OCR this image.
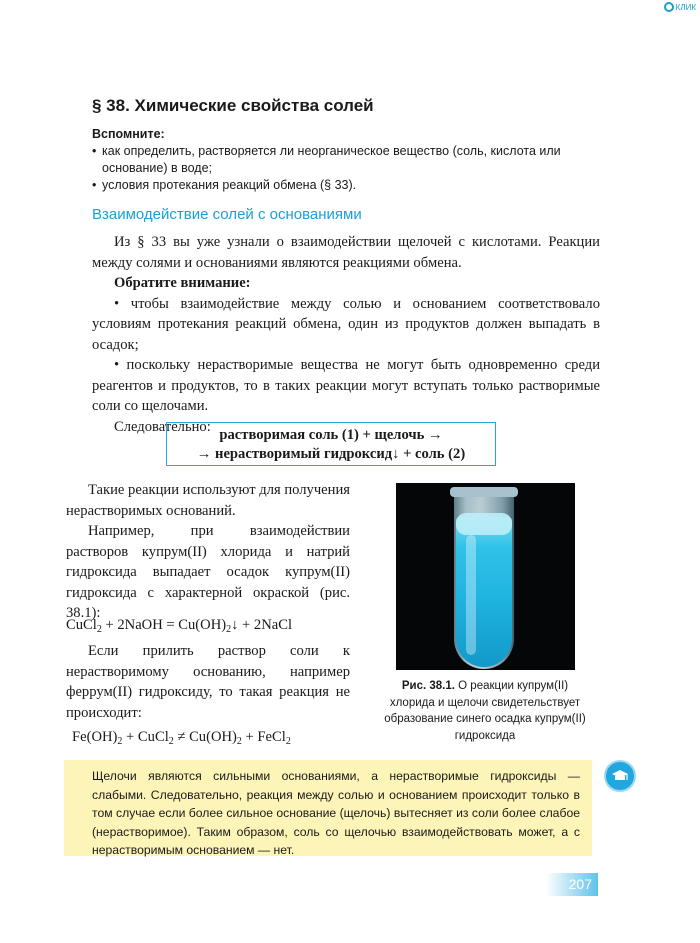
КЛИК
§ 38. Химические свойства солей
Вспомните:
• как определить, растворяется ли неорганическое вещество (соль, кислота или основание) в воде;
• условия протекания реакций обмена (§ 33).
Взаимодействие солей с основаниями
Из § 33 вы уже узнали о взаимодействии щелочей с кислотами. Реакции между солями и основаниями являются реакциями обмена.
Обратите внимание:
• чтобы взаимодействие между солью и основанием соответствовало условиям протекания реакций обмена, один из продуктов должен выпадать в осадок;
• поскольку нерастворимые вещества не могут быть одновременно среди реагентов и продуктов, то в таких реакции могут вступать только растворимые соли со щелочами.
Следовательно:
растворимая соль (1) + щелочь →
→ нерастворимый гидроксид↓ + соль (2)
Такие реакции используют для получения нерастворимых оснований.
Например, при взаимодействии растворов купрум(II) хлорида и натрий гидроксида выпадает осадок купрум(II) гидроксида с характерной окраской (рис. 38.1):
CuCl$_2$ + 2NaOH = $Cu(OH)_2↓$ + 2NaCl
Если прилить раствор соли к нерастворимому основанию, например феррум(II) гидроксиду, то такая реакция не происходит:
$Fe(OH)_2$ + CuCl$_2$ ≠ $Cu(OH)_2$ + FeCl$_2$
Рис. 38.1. О реакции купрум(II) хлорида и щелочи свидетельствует образование синего осадка купрум(II) гидроксида
Щелочи являются сильными основаниями, а нерастворимые гидроксиды — слабыми. Следовательно, реакция между солью и основанием происходит только в том случае если более сильное основание (щелочь) вытесняет из соли более слабое (нерастворимое). Таким образом, соль со щелочью взаимодействовать может, а с нерастворимым основанием — нет.
207
